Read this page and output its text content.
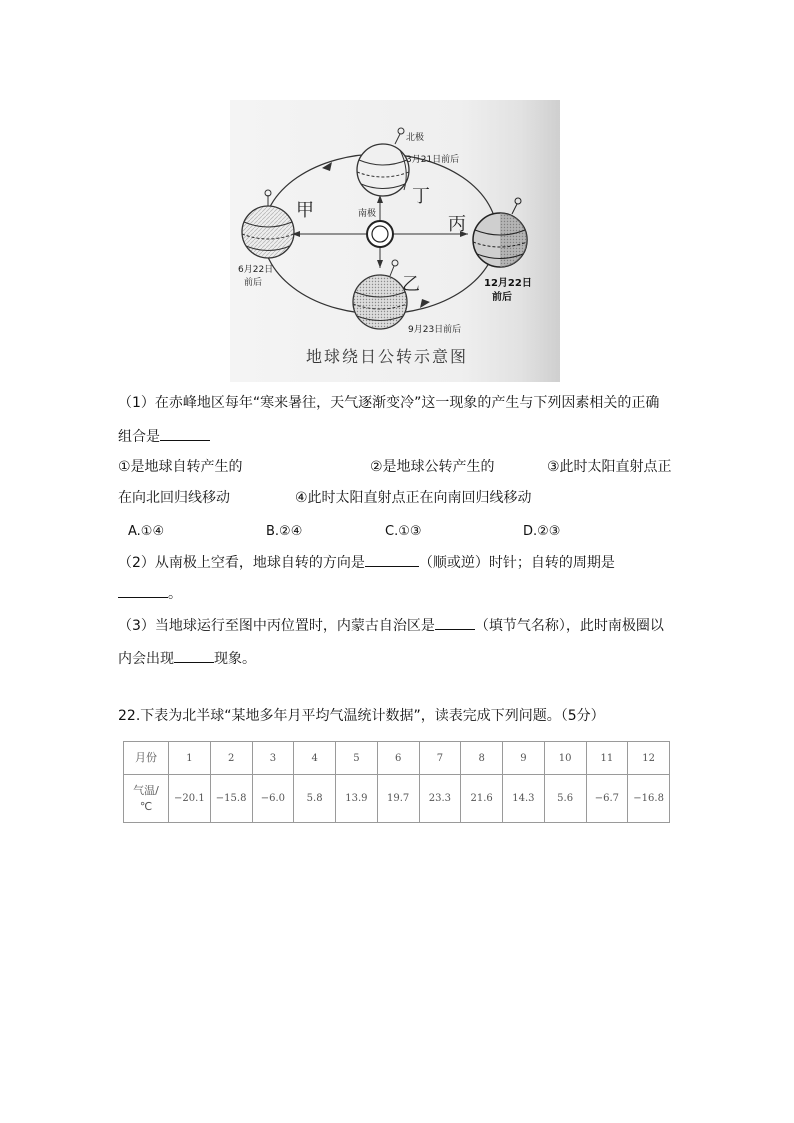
北极
3月21日前后
南极
丁
甲
丙
乙
6月22日
前后
9月23日前后
12月22日
前后
地球绕日公转示意图
（1）在赤峰地区每年“寒来暑往，天气逐渐变冷”这一现象的产生与下列因素相关的正确
组合是
①是地球自转产生的	②是地球公转产生的	③此时太阳直射点正
在向北回归线移动	④此时太阳直射点正在向南回归线移动
A.①④	B.②④	C.①③	D.②③
（2）从南极上空看，地球自转的方向是	（顺或逆）时针；自转的周期是
。
（3）当地球运行至图中丙位置时，内蒙古自治区是	（填节气名称），此时南极圈以
内会出现	现象。
22.下表为北半球“某地多年月平均气温统计数据”，读表完成下列问题。（5分）
月份	1	2	3	4	5	6	7	8	9	10	11	12
气温/
℃	−20.1	−15.8	−6.0	5.8	13.9	19.7	23.3	21.6	14.3	5.6	−6.7	−16.8
